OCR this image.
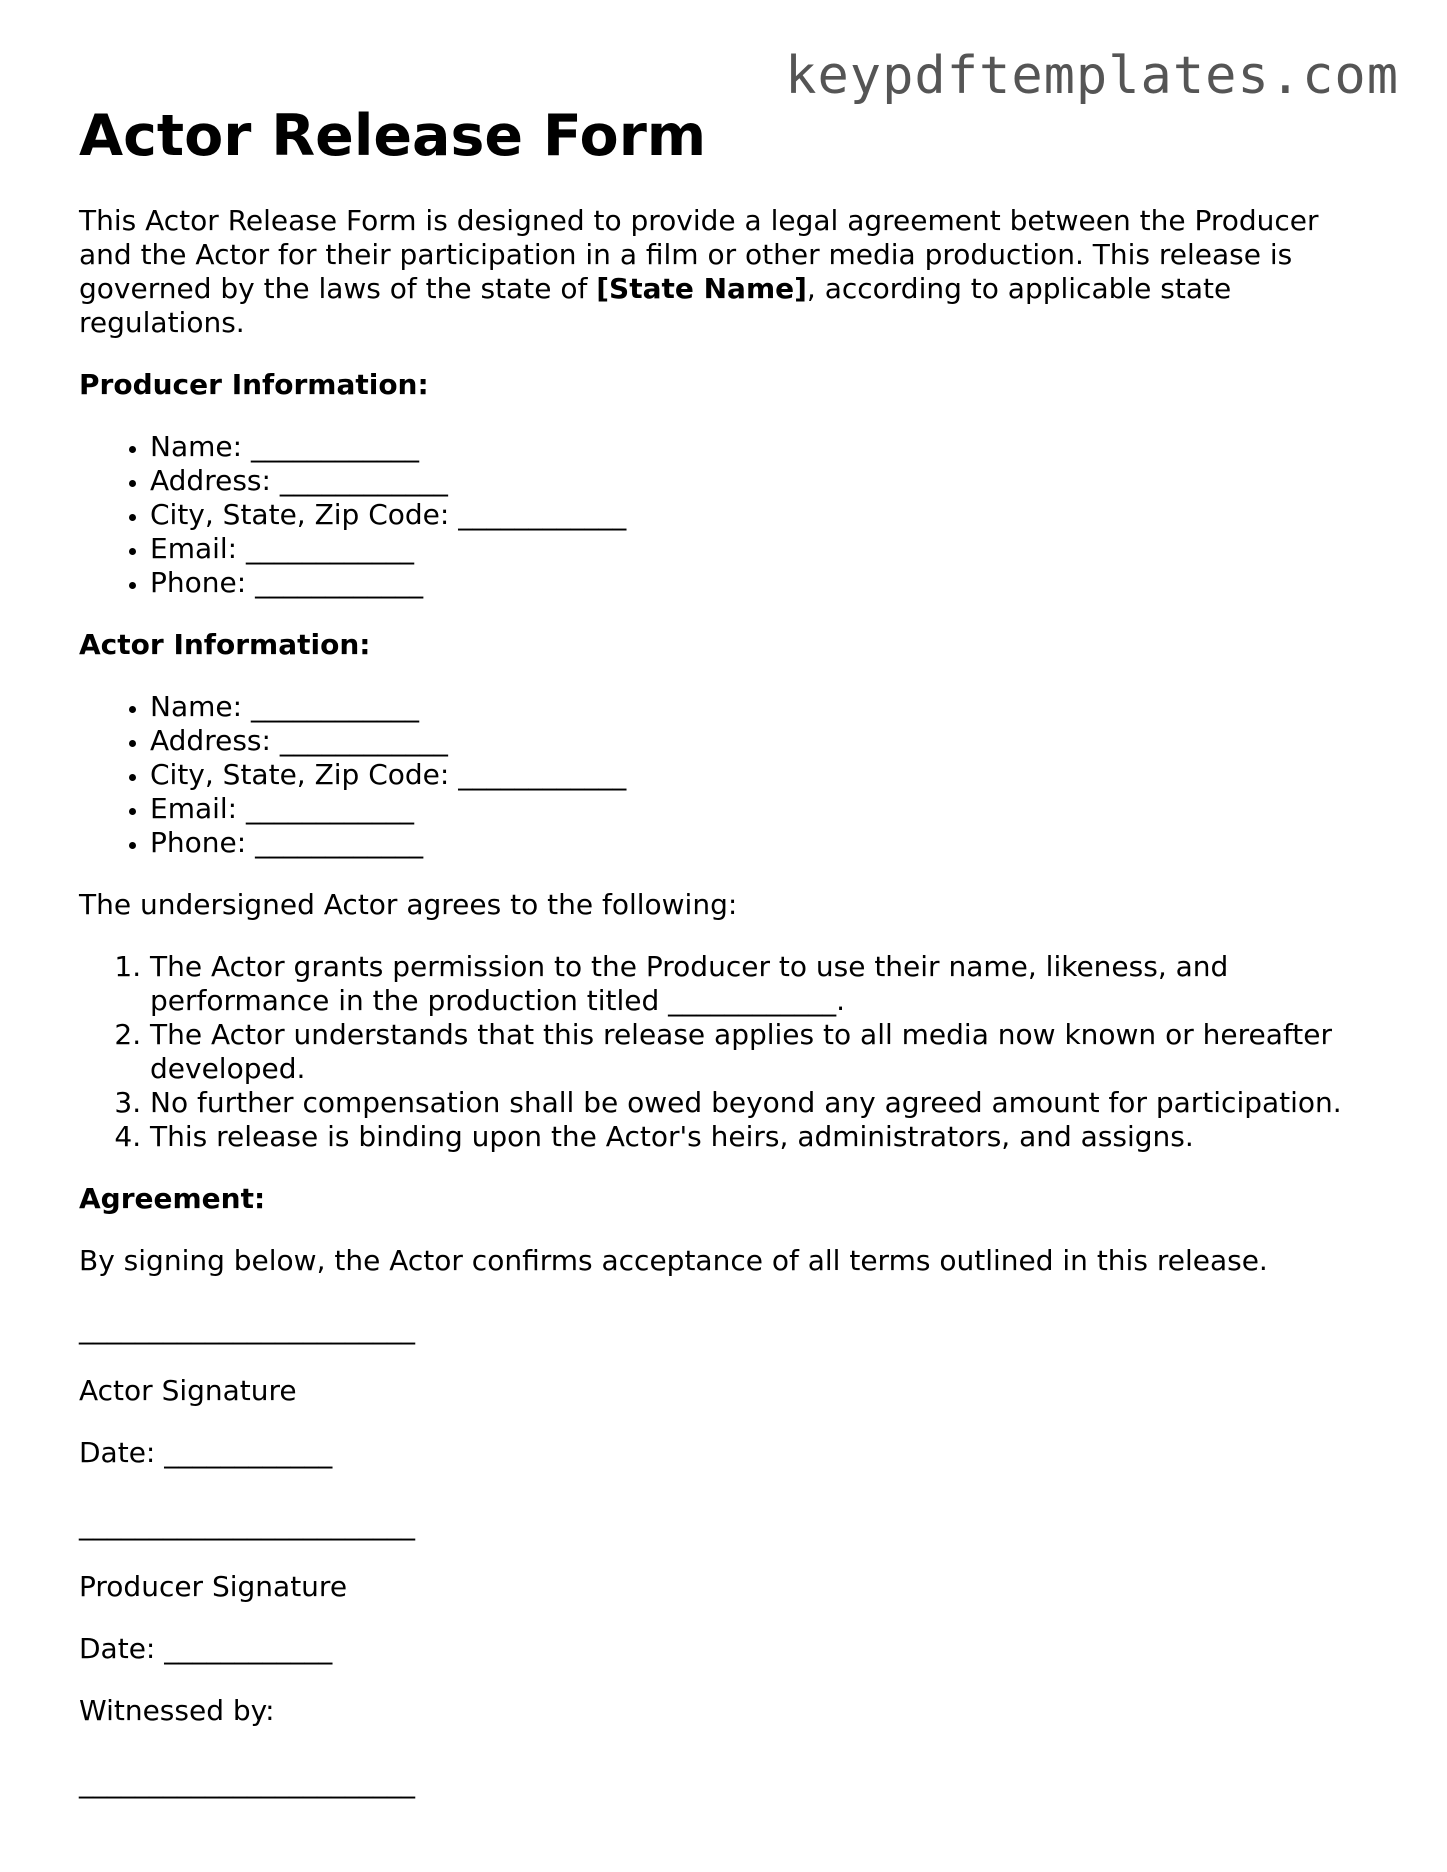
keypdftemplates.com
Actor Release Form

This Actor Release Form is designed to provide a legal agreement between the Producer and the Actor for their participation in a film or other media production. This release is governed by the laws of the state of [State Name], according to applicable state regulations.

Producer Information:

• Name: ____________
• Address: ____________
• City, State, Zip Code: ____________
• Email: ____________
• Phone: ____________

Actor Information:

• Name: ____________
• Address: ____________
• City, State, Zip Code: ____________
• Email: ____________
• Phone: ____________

The undersigned Actor agrees to the following:

1. The Actor grants permission to the Producer to use their name, likeness, and performance in the production titled ____________.
2. The Actor understands that this release applies to all media now known or hereafter developed.
3. No further compensation shall be owed beyond any agreed amount for participation.
4. This release is binding upon the Actor's heirs, administrators, and assigns.

Agreement:

By signing below, the Actor confirms acceptance of all terms outlined in this release.

________________________

Actor Signature

Date: ____________

________________________

Producer Signature

Date: ____________

Witnessed by:

________________________
